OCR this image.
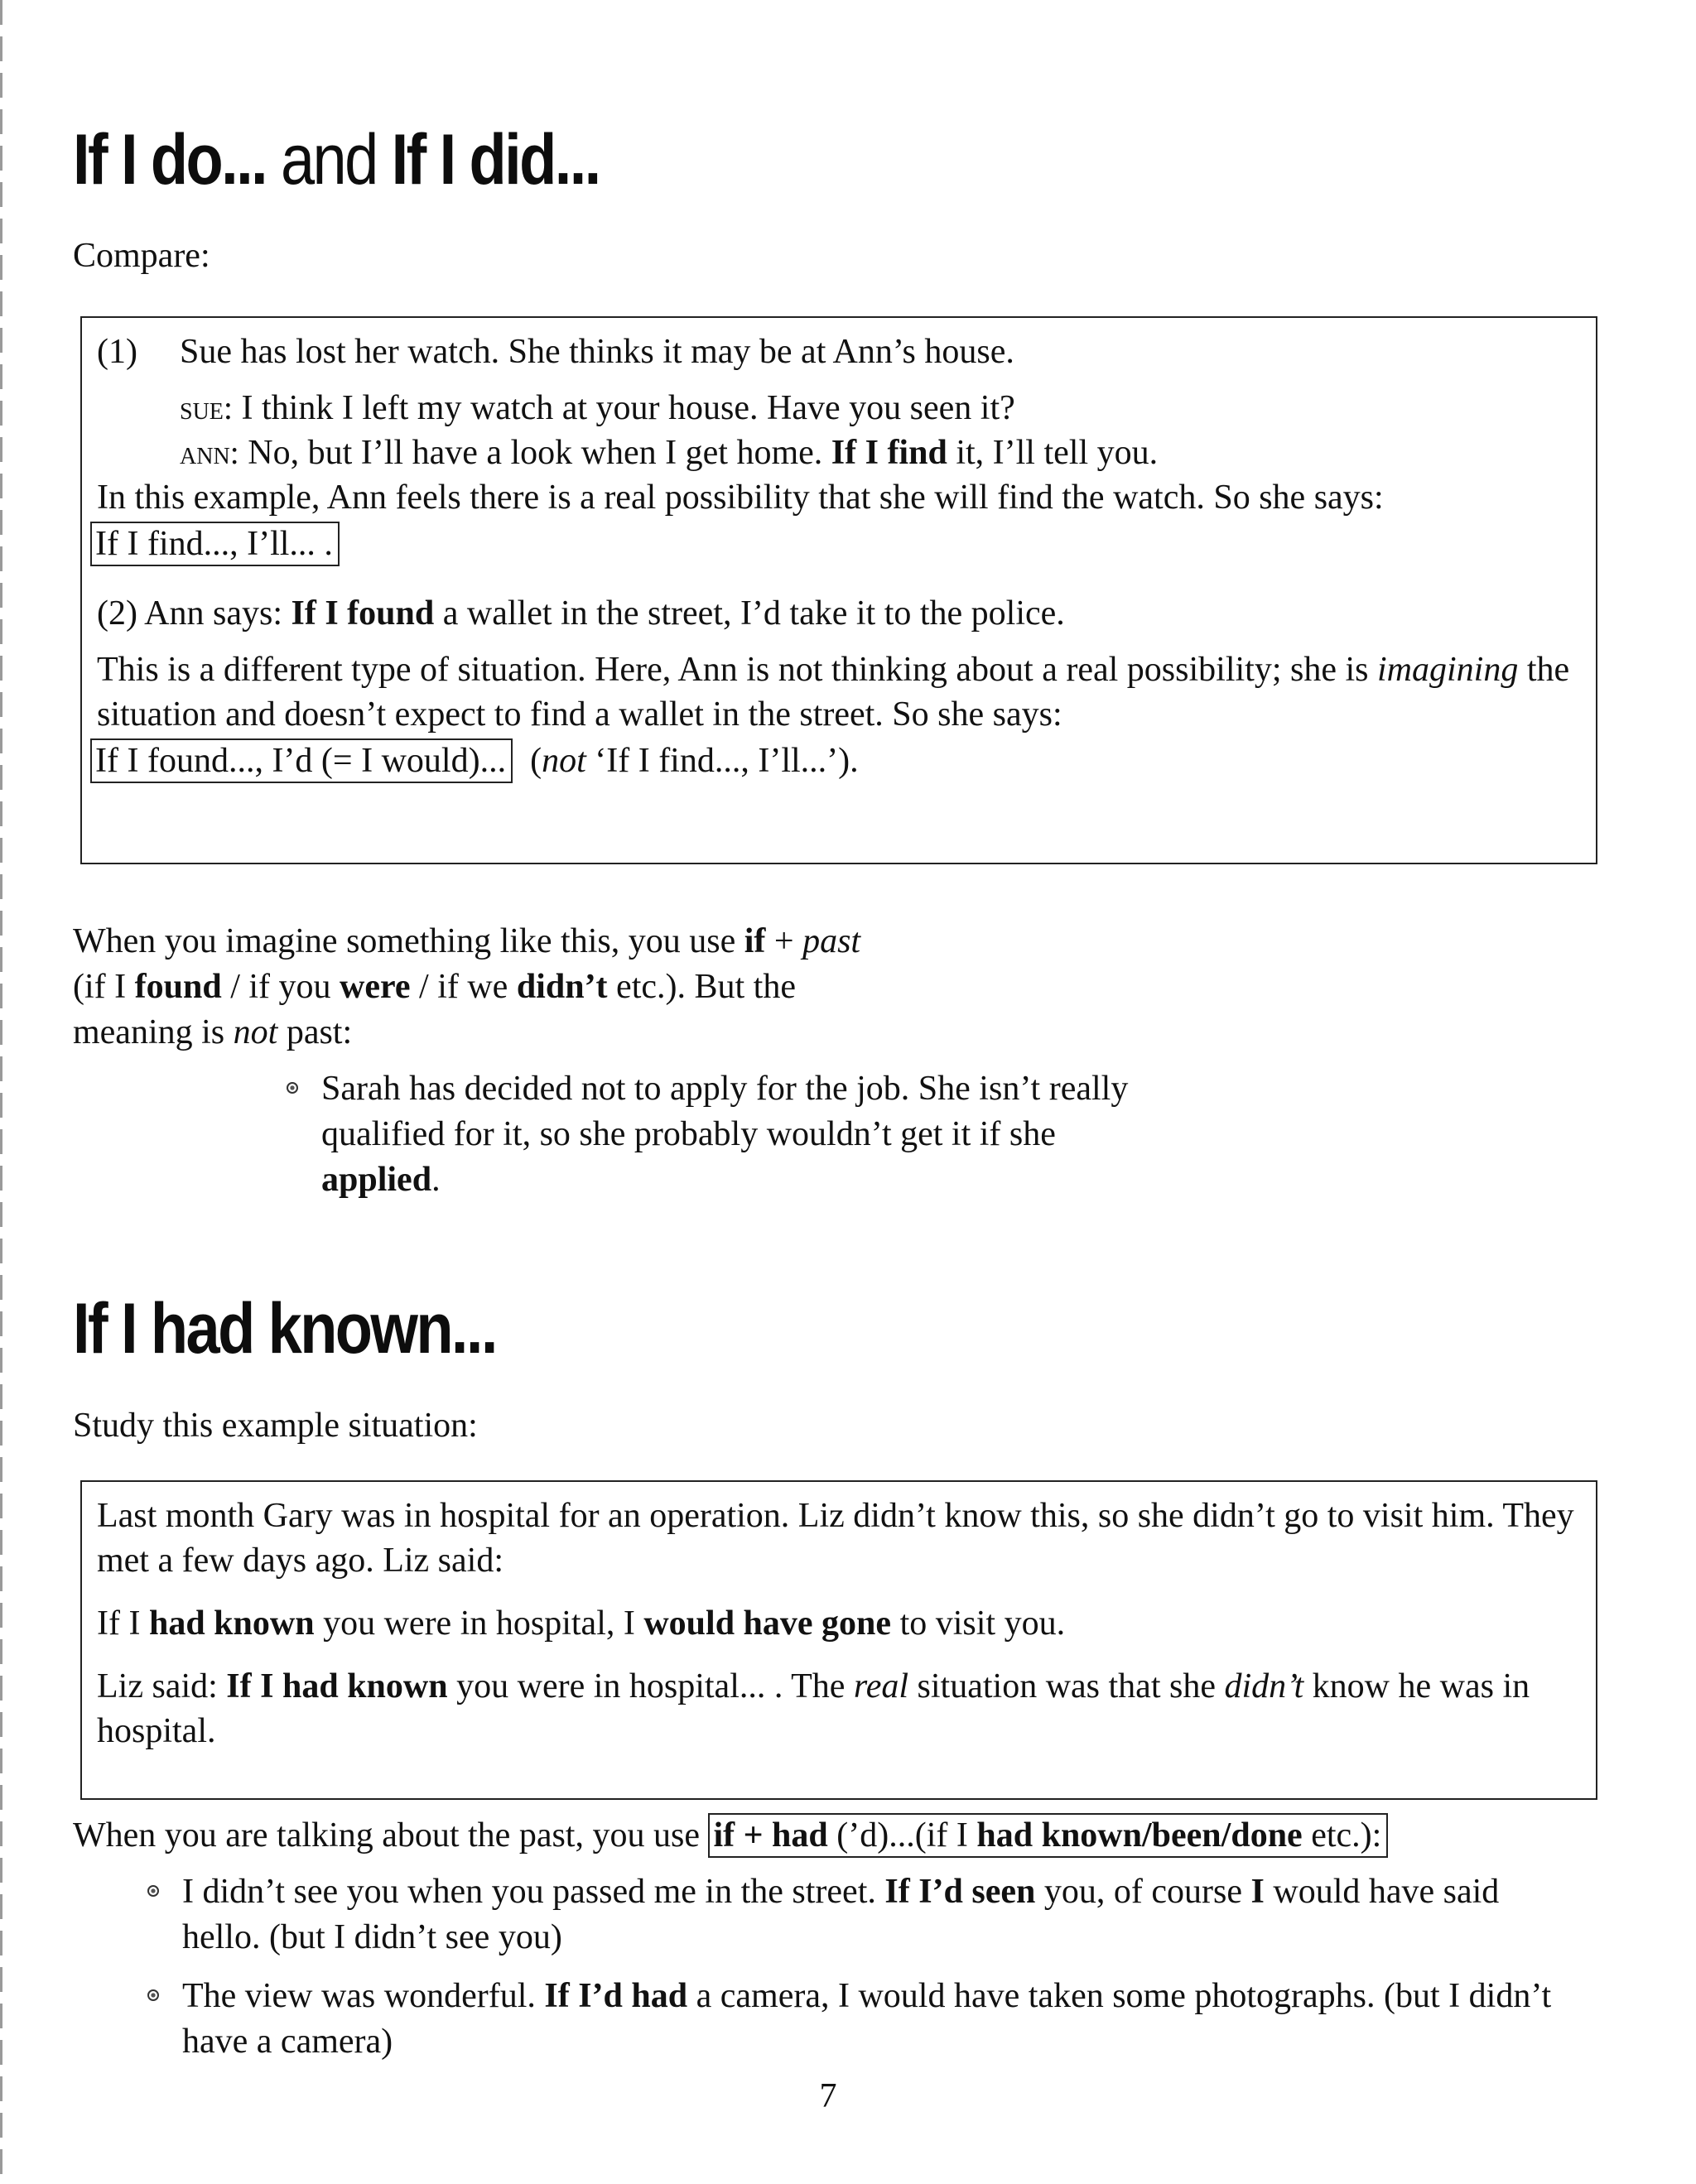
If I do... and If I did...

Compare:

(1) Sue has lost her watch. She thinks it may be at Ann’s house.

sue: I think I left my watch at your house. Have you seen it?

ann: No, but I’ll have a look when I get home. If I find it, I’ll tell you.

In this example, Ann feels there is a real possibility that she will find the watch. So she says:

If I find..., I’ll... .

(2) Ann says: If I found a wallet in the street, I’d take it to the police.

This is a different type of situation. Here, Ann is not thinking about a real possibility; she is imagining the situation and doesn’t expect to find a wallet in the street. So she says:

If I found..., I’d (= I would)... (not ‘If I find..., I’ll...’).

When you imagine something like this, you use if + past
(if I found / if you were / if we didn’t etc.). But the
meaning is not past:
Sarah has decided not to apply for the job. She isn’t really qualified for it, so she probably wouldn’t get it if she applied.
If I had known...

Study this example situation:

Last month Gary was in hospital for an operation. Liz didn’t know this, so she didn’t go to visit him. They met a few days ago. Liz said:

If I had known you were in hospital, I would have gone to visit you.

Liz said: If I had known you were in hospital... . The real situation was that she didn’t know he was in hospital.

When you are talking about the past, you use if + had (’d)...(if I had known/been/done etc.):

I didn’t see you when you passed me in the street. If I’d seen you, of course I would have said hello. (but I didn’t see you)
The view was wonderful. If I’d had a camera, I would have taken some photographs. (but I didn’t have a camera)
7
